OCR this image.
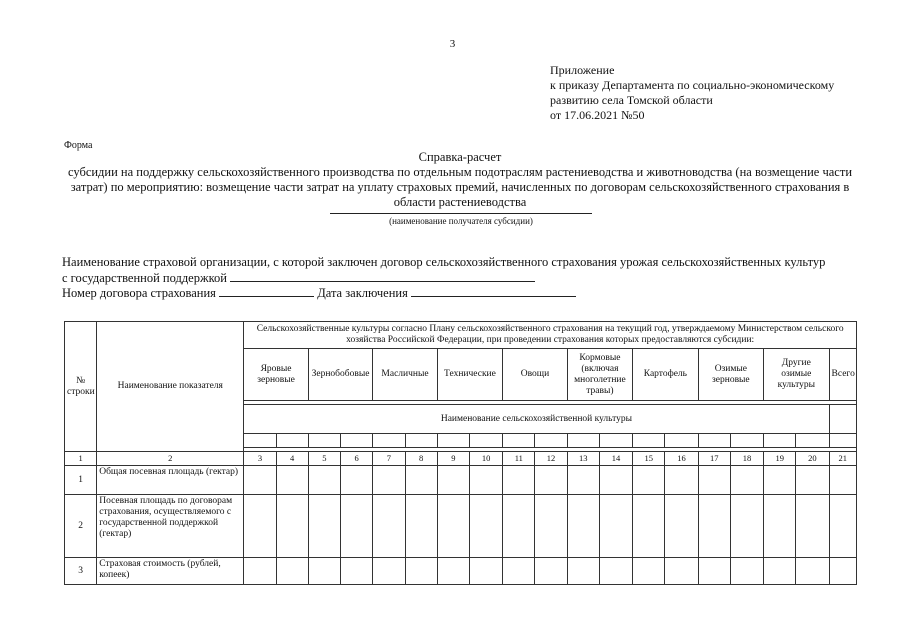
3
Приложение
к приказу Департамента по социально-экономическому
развитию села Томской области
от 17.06.2021 №50
Форма
Справка-расчет
субсидии на поддержку сельскохозяйственного производства по отдельным подотраслям растениеводства и животноводства (на возмещение части затрат) по мероприятию: возмещение части затрат на уплату страховых премий, начисленных по договорам сельскохозяйственного страхования в области растениеводства
(наименование получателя субсидии)
Наименование страховой организации, с которой заключен договор сельскохозяйственного страхования урожая сельскохозяйственных культур
с государственной поддержкой
Номер договора страхования	Дата заключения
№ строки	Наименование показателя	Сельскохозяйственные культуры согласно Плану сельскохозяйственного страхования на текущий год, утверждаемому Министерством сельского хозяйства Российской Федерации, при проведении страхования которых предоставляются субсидии:																		
		Яровые зерновые		Зернобобовые		Масличные		Технические		Овощи		Кормовые (включая многолетние травы)		Картофель		Озимые зерновые		Другие озимые культуры		Всего

		Наименование сельскохозяйственной культуры																		

1	2	3	4	5	6	7	8	9	10	11	12	13	14	15	16	17	18	19	20	21
1	Общая посевная площадь (гектар)																			
2	Посевная площадь по договорам страхования, осуществляемого с государственной поддержкой (гектар)																			
3	Страховая стоимость (рублей, копеек)																			
